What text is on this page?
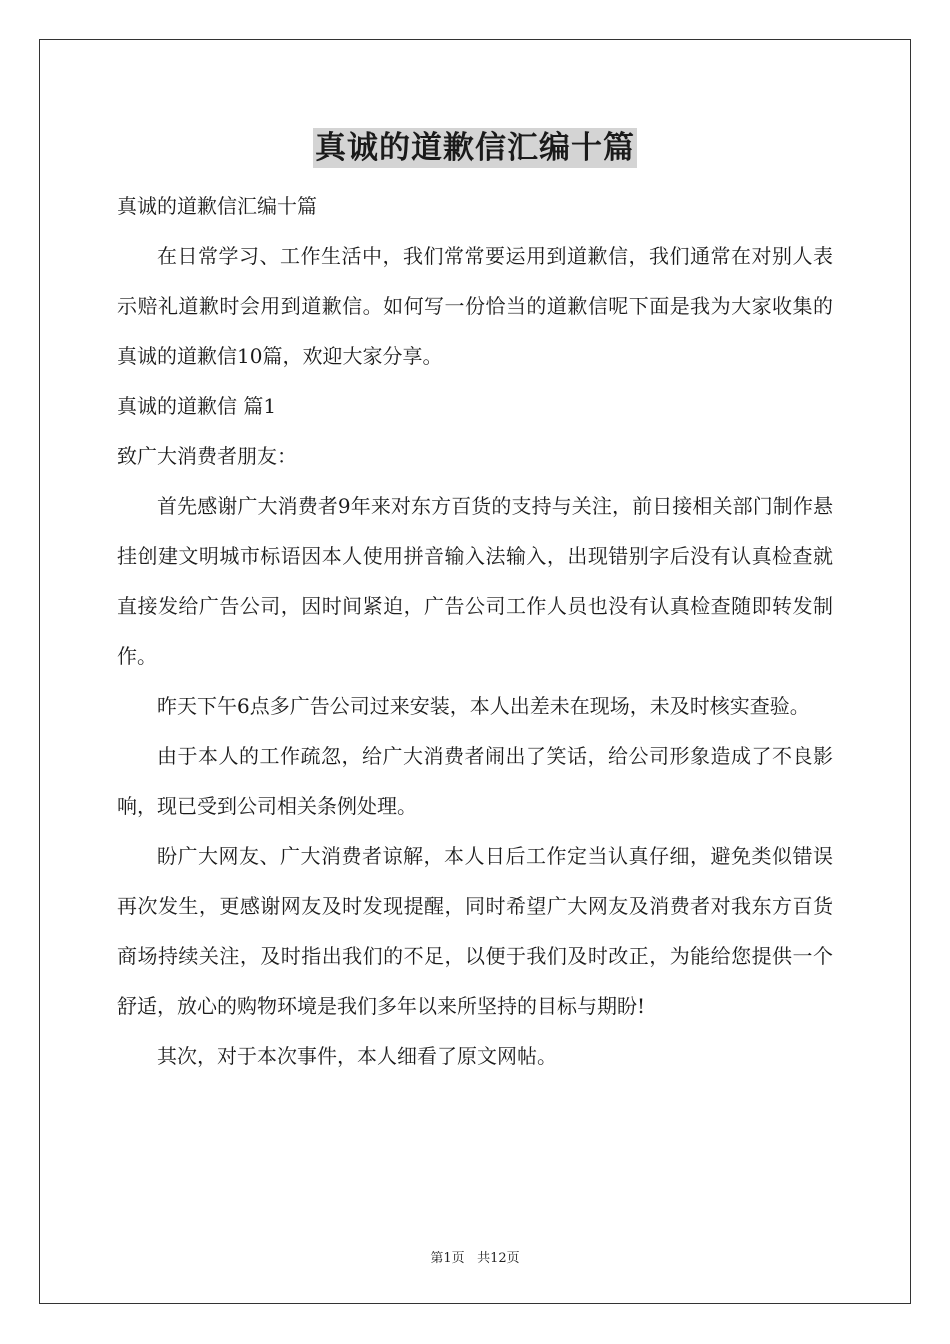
真诚的道歉信汇编十篇

真诚的道歉信汇编十篇

在日常学习、工作生活中，我们常常要运用到道歉信，我们通常在对别人表示赔礼道歉时会用到道歉信。如何写一份恰当的道歉信呢下面是我为大家收集的真诚的道歉信10篇，欢迎大家分享。

真诚的道歉信 篇1

致广大消费者朋友：

首先感谢广大消费者9年来对东方百货的支持与关注，前日接相关部门制作悬挂创建文明城市标语因本人使用拼音输入法输入，出现错别字后没有认真检查就直接发给广告公司，因时间紧迫，广告公司工作人员也没有认真检查随即转发制作。

昨天下午6点多广告公司过来安装，本人出差未在现场，未及时核实查验。

由于本人的工作疏忽，给广大消费者闹出了笑话，给公司形象造成了不良影响，现已受到公司相关条例处理。

盼广大网友、广大消费者谅解，本人日后工作定当认真仔细，避免类似错误再次发生，更感谢网友及时发现提醒，同时希望广大网友及消费者对我东方百货商场持续关注，及时指出我们的不足，以便于我们及时改正，为能给您提供一个舒适，放心的购物环境是我们多年以来所坚持的目标与期盼!

其次，对于本次事件，本人细看了原文网帖。

第1页 共12页
